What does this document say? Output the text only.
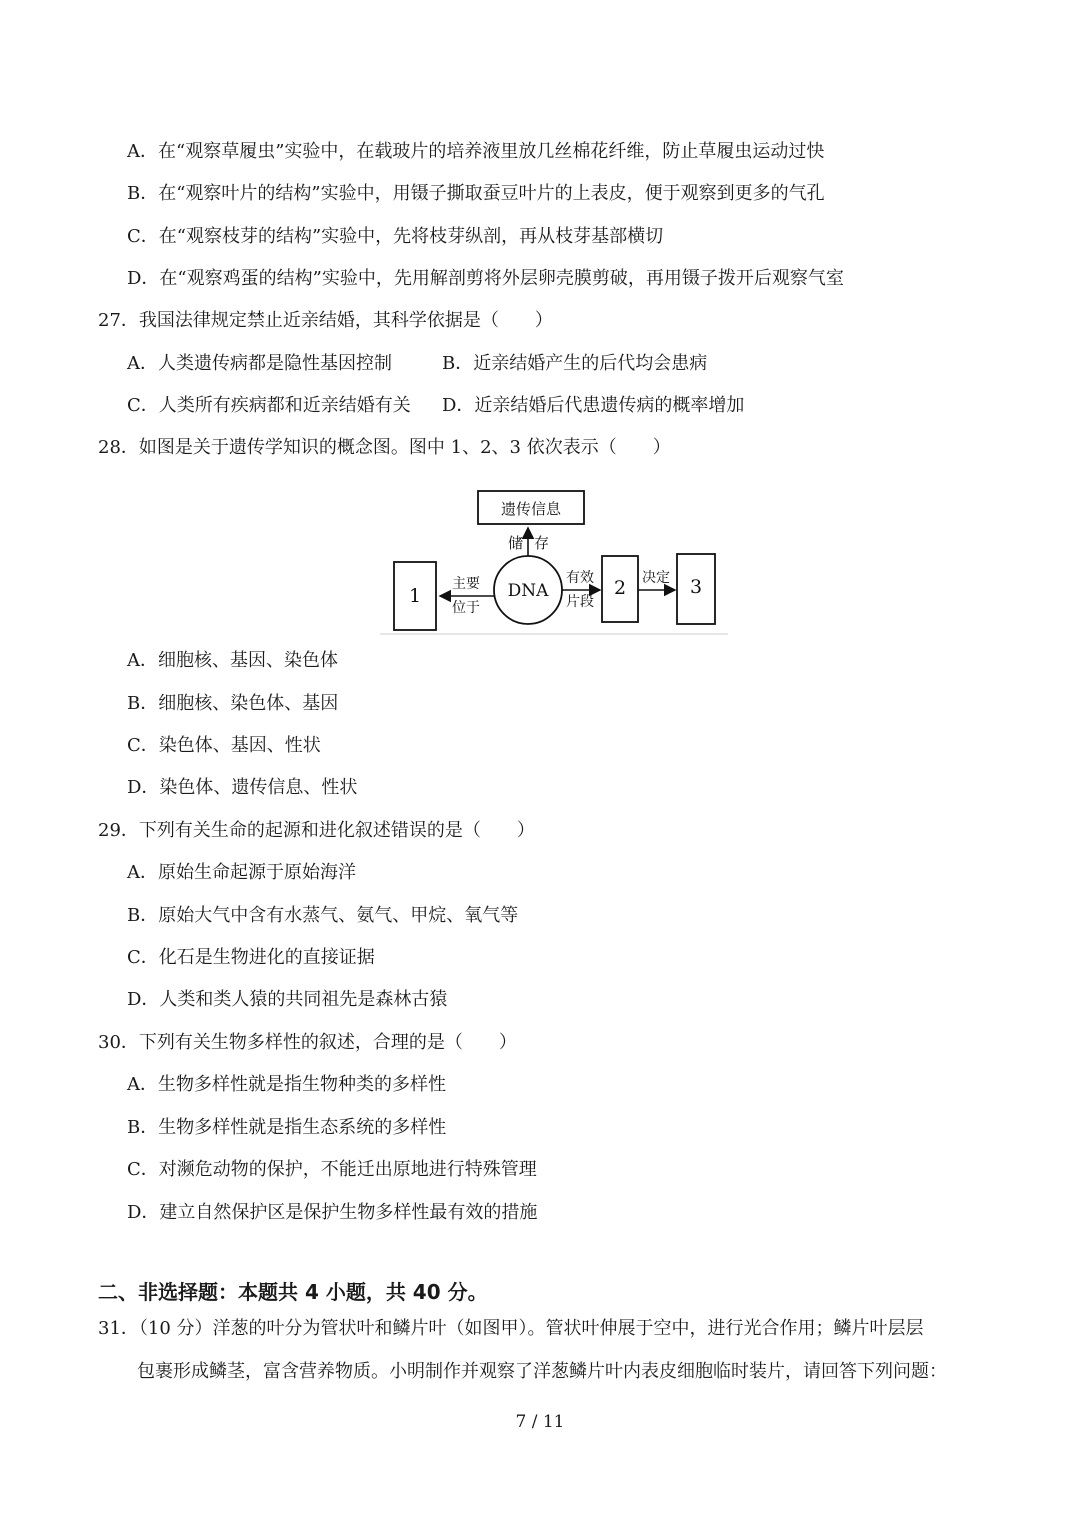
A．在“观察草履虫”实验中，在载玻片的培养液里放几丝棉花纤维，防止草履虫运动过快
B．在“观察叶片的结构”实验中，用镊子撕取蚕豆叶片的上表皮，便于观察到更多的气孔
C．在“观察枝芽的结构”实验中，先将枝芽纵剖，再从枝芽基部横切
D．在“观察鸡蛋的结构”实验中，先用解剖剪将外层卵壳膜剪破，再用镊子拨开后观察气室
27．我国法律规定禁止近亲结婚，其科学依据是（　　）
A．人类遗传病都是隐性基因控制	B．近亲结婚产生的后代均会患病
C．人类所有疾病都和近亲结婚有关 D．近亲结婚后代患遗传病的概率增加
28．如图是关于遗传学知识的概念图。图中 1、2、3 依次表示（　　）
遗传信息
储 存
DNA
1
主要
位于
2
有效
片段
3
决定
A．细胞核、基因、染色体
B．细胞核、染色体、基因
C．染色体、基因、性状
D．染色体、遗传信息、性状
29．下列有关生命的起源和进化叙述错误的是（　　）
A．原始生命起源于原始海洋
B．原始大气中含有水蒸气、氨气、甲烷、氧气等
C．化石是生物进化的直接证据
D．人类和类人猿的共同祖先是森林古猿
30．下列有关生物多样性的叙述，合理的是（　　）
A．生物多样性就是指生物种类的多样性
B．生物多样性就是指生态系统的多样性
C．对濒危动物的保护，不能迁出原地进行特殊管理
D．建立自然保护区是保护生物多样性最有效的措施
二、非选择题：本题共 4 小题，共 40 分。
31．（10 分）洋葱的叶分为管状叶和鳞片叶（如图甲）。管状叶伸展于空中，进行光合作用；鳞片叶层层
包裹形成鳞茎，富含营养物质。小明制作并观察了洋葱鳞片叶内表皮细胞临时装片，请回答下列问题：
7 / 11
